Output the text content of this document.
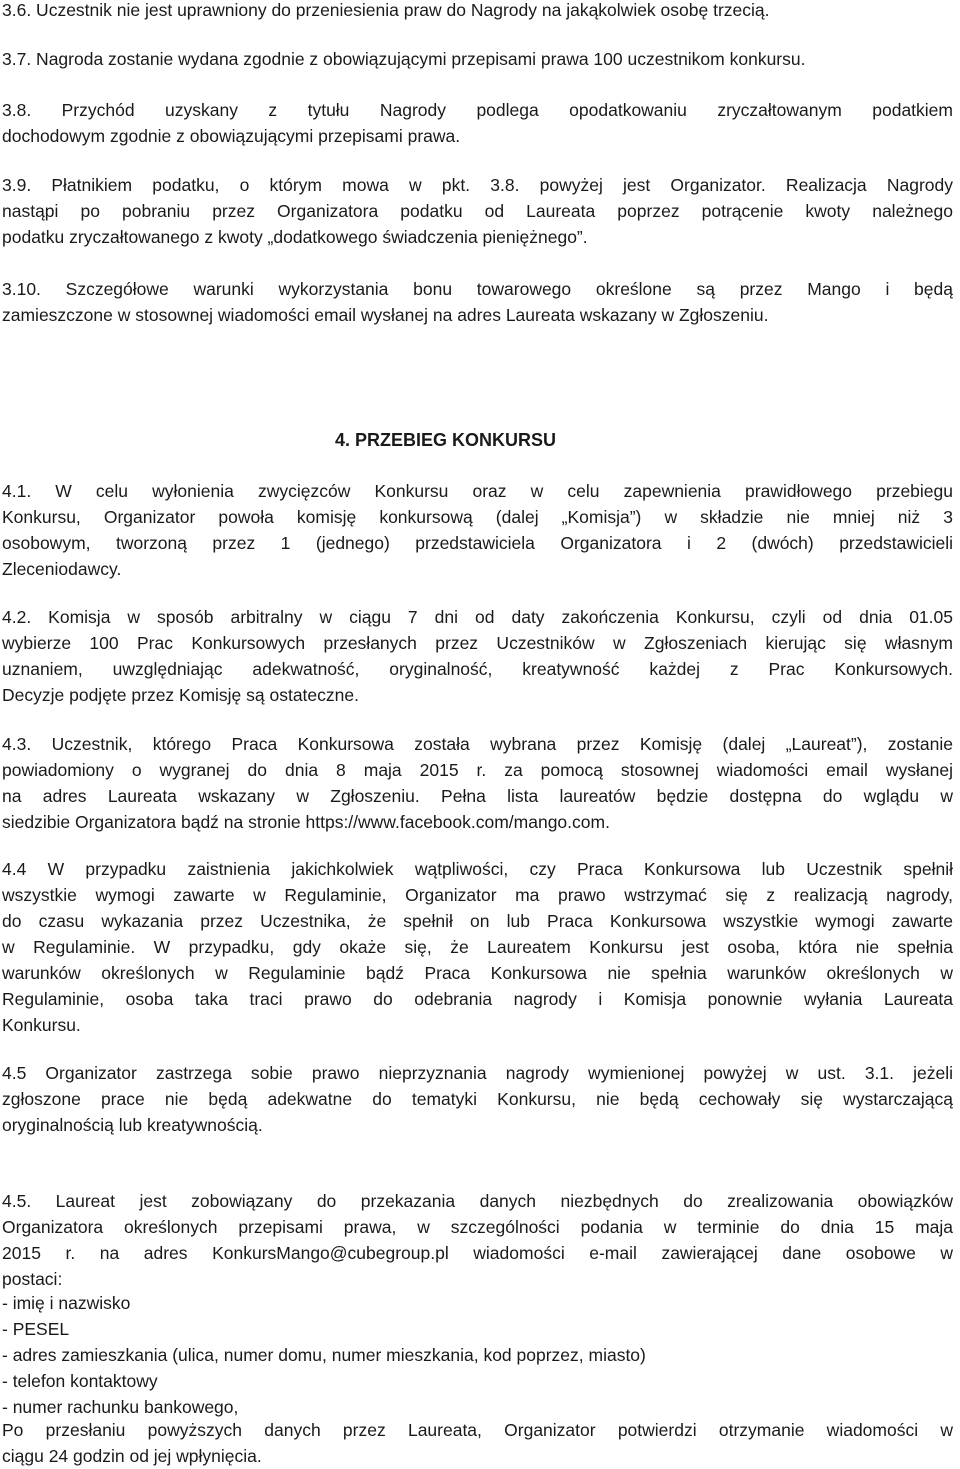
3.6. Uczestnik nie jest uprawniony do przeniesienia praw do Nagrody na jakąkolwiek osobę trzecią.

3.7. Nagroda zostanie wydana zgodnie z obowiązującymi przepisami prawa 100 uczestnikom konkursu.

3.8. Przychód uzyskany z tytułu Nagrody podlega opodatkowaniu zryczałtowanym podatkiem
dochodowym zgodnie z obowiązującymi przepisami prawa.

3.9. Płatnikiem podatku, o którym mowa w pkt. 3.8. powyżej jest Organizator. Realizacja Nagrody
nastąpi po pobraniu przez Organizatora podatku od Laureata poprzez potrącenie kwoty należnego
podatku zryczałtowanego z kwoty „dodatkowego świadczenia pieniężnego”.

3.10. Szczegółowe warunki wykorzystania bonu towarowego określone są przez Mango i będą
zamieszczone w stosownej wiadomości email wysłanej na adres Laureata wskazany w Zgłoszeniu.

4. PRZEBIEG KONKURSU

4.1. W celu wyłonienia zwycięzców Konkursu oraz w celu zapewnienia prawidłowego przebiegu
Konkursu, Organizator powoła komisję konkursową (dalej „Komisja”) w składzie nie mniej niż 3
osobowym, tworzoną przez 1 (jednego) przedstawiciela Organizatora i 2 (dwóch) przedstawicieli
Zleceniodawcy.

4.2. Komisja w sposób arbitralny w ciągu 7 dni od daty zakończenia Konkursu, czyli od dnia 01.05
wybierze 100 Prac Konkursowych przesłanych przez Uczestników w Zgłoszeniach kierując się własnym
uznaniem, uwzględniając adekwatność, oryginalność, kreatywność każdej z Prac Konkursowych.
Decyzje podjęte przez Komisję są ostateczne.

4.3. Uczestnik, którego Praca Konkursowa została wybrana przez Komisję (dalej „Laureat”), zostanie
powiadomiony o wygranej do dnia 8 maja 2015 r. za pomocą stosownej wiadomości email wysłanej
na adres Laureata wskazany w Zgłoszeniu. Pełna lista laureatów będzie dostępna do wglądu w
siedzibie Organizatora bądź na stronie https://www.facebook.com/mango.com.

4.4 W przypadku zaistnienia jakichkolwiek wątpliwości, czy Praca Konkursowa lub Uczestnik spełnił
wszystkie wymogi zawarte w Regulaminie, Organizator ma prawo wstrzymać się z realizacją nagrody,
do czasu wykazania przez Uczestnika, że spełnił on lub Praca Konkursowa wszystkie wymogi zawarte
w Regulaminie. W przypadku, gdy okaże się, że Laureatem Konkursu jest osoba, która nie spełnia
warunków określonych w Regulaminie bądź Praca Konkursowa nie spełnia warunków określonych w
Regulaminie, osoba taka traci prawo do odebrania nagrody i Komisja ponownie wyłania Laureata
Konkursu.

4.5 Organizator zastrzega sobie prawo nieprzyznania nagrody wymienionej powyżej w ust. 3.1. jeżeli
zgłoszone prace nie będą adekwatne do tematyki Konkursu, nie będą cechowały się wystarczającą
oryginalnością lub kreatywnością.

4.5. Laureat jest zobowiązany do przekazania danych niezbędnych do zrealizowania obowiązków
Organizatora określonych przepisami prawa, w szczególności podania w terminie do dnia 15 maja
2015 r. na adres KonkursMango@cubegroup.pl wiadomości e-mail zawierającej dane osobowe w
postaci:

- imię i nazwisko
- PESEL
- adres zamieszkania (ulica, numer domu, numer mieszkania, kod poprzez, miasto)
- telefon kontaktowy
- numer rachunku bankowego,

Po przesłaniu powyższych danych przez Laureata, Organizator potwierdzi otrzymanie wiadomości w
ciągu 24 godzin od jej wpłynięcia.
